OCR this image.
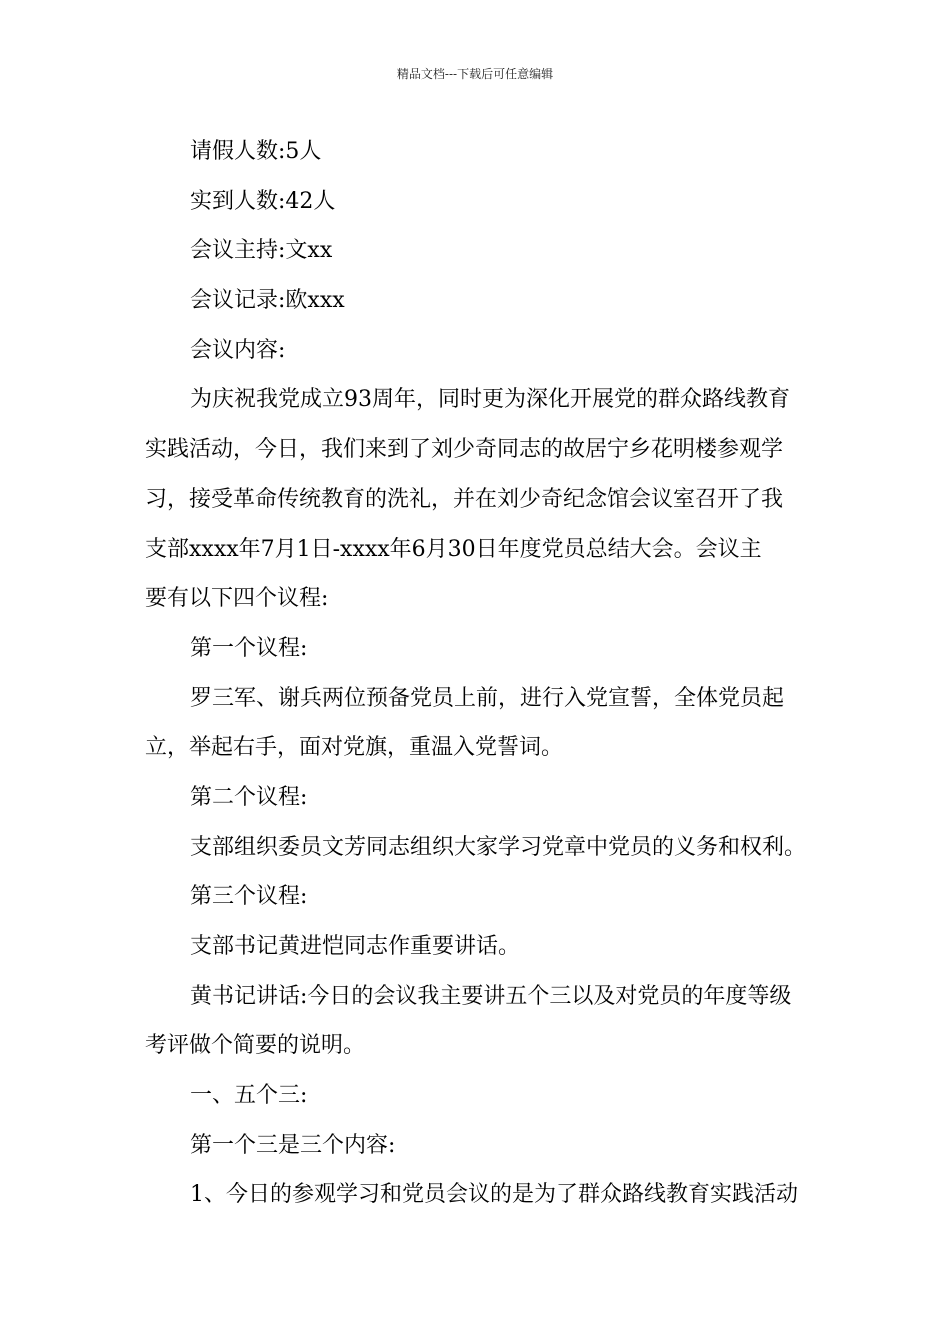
精品文档---下载后可任意编辑
请假人数:5人
实到人数:42人
会议主持:文xx
会议记录:欧xxx
会议内容:
为庆祝我党成立93周年，同时更为深化开展党的群众路线教育
实践活动，今日，我们来到了刘少奇同志的故居宁乡花明楼参观学
习，接受革命传统教育的洗礼，并在刘少奇纪念馆会议室召开了我
支部xxxx年7月1日-xxxx年6月30日年度党员总结大会。会议主
要有以下四个议程:
第一个议程:
罗三军、谢兵两位预备党员上前，进行入党宣誓，全体党员起
立，举起右手，面对党旗，重温入党誓词。
第二个议程:
支部组织委员文芳同志组织大家学习党章中党员的义务和权利。
第三个议程:
支部书记黄进恺同志作重要讲话。
黄书记讲话:今日的会议我主要讲五个三以及对党员的年度等级
考评做个简要的说明。
一、五个三:
第一个三是三个内容:
1、今日的参观学习和党员会议的是为了群众路线教育实践活动
